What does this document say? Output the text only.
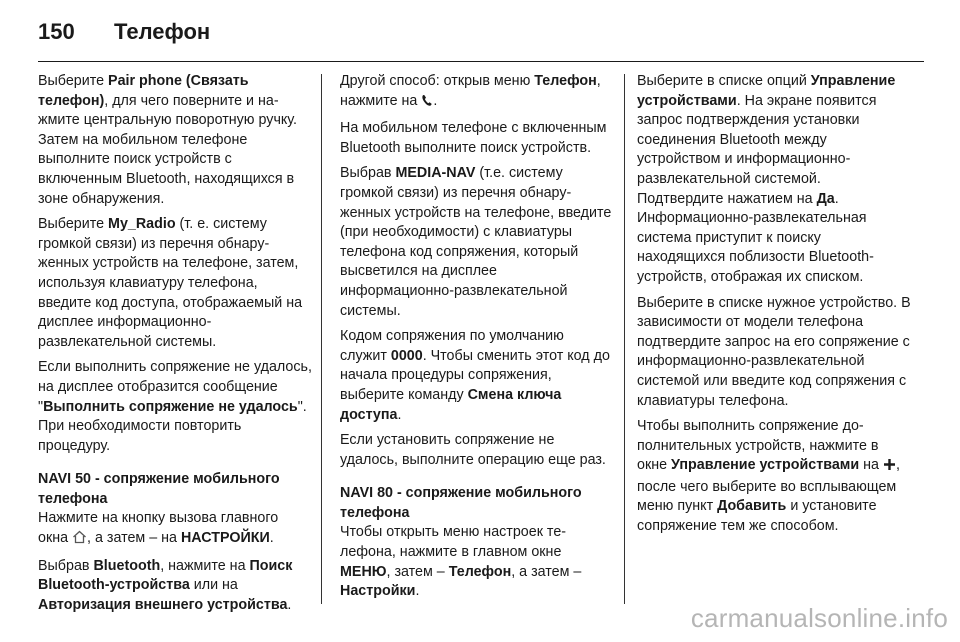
150	Телефон

Выберите Pair phone (Связать телефон), для чего поверните и нажмите центральную поворотную ручку. Затем на мобильном телефоне выполните поиск устройств с включенным Bluetooth, находящихся в зоне обнаружения.

Выберите My_Radio (т. е. систему громкой связи) из перечня обнаруженных устройств на телефоне, затем, используя клавиатуру телефона, введите код доступа, отображаемый на дисплее информационно-развлекательной системы.

Если выполнить сопряжение не удалось, на дисплее отобразится сообщение "Выполнить сопряжение не удалось". При необходимости повторить процедуру.

NAVI 50 - сопряжение мобильного телефона

Нажмите на кнопку вызова главного окна , а затем – на НАСТРОЙКИ.

Выбрав Bluetooth, нажмите на Поиск Bluetooth-устройства или на Авторизация внешнего устройства.

Другой способ: открыв меню Телефон, нажмите на .

На мобильном телефоне с включенным Bluetooth выполните поиск устройств.

Выбрав MEDIA-NAV (т.е. систему громкой связи) из перечня обнаруженных устройств на телефоне, введите (при необходимости) с клавиатуры телефона код сопряжения, который высветился на дисплее информационно-развлекательной системы.

Кодом сопряжения по умолчанию служит 0000. Чтобы сменить этот код до начала процедуры сопряжения, выберите команду Смена ключа доступа.

Если установить сопряжение не удалось, выполните операцию еще раз.

NAVI 80 - сопряжение мобильного телефона

Чтобы открыть меню настроек телефона, нажмите в главном окне МЕНЮ, затем – Телефон, а затем – Настройки.

Выберите в списке опций Управление устройствами. На экране появится запрос подтверждения установки соединения Bluetooth между устройством и информационно-развлекательной системой. Подтвердите нажатием на Да. Информационно-развлекательная система приступит к поиску находящихся поблизости Bluetooth-устройств, отображая их списком.

Выберите в списке нужное устройство. В зависимости от модели телефона подтвердите запрос на его сопряжение с информационно-развлекательной системой или введите код сопряжения с клавиатуры телефона.

Чтобы выполнить сопряжение дополнительных устройств, нажмите в окне Управление устройствами на , после чего выберите во всплывающем меню пункт Добавить и установите сопряжение тем же способом.

carmanualsonline.info
